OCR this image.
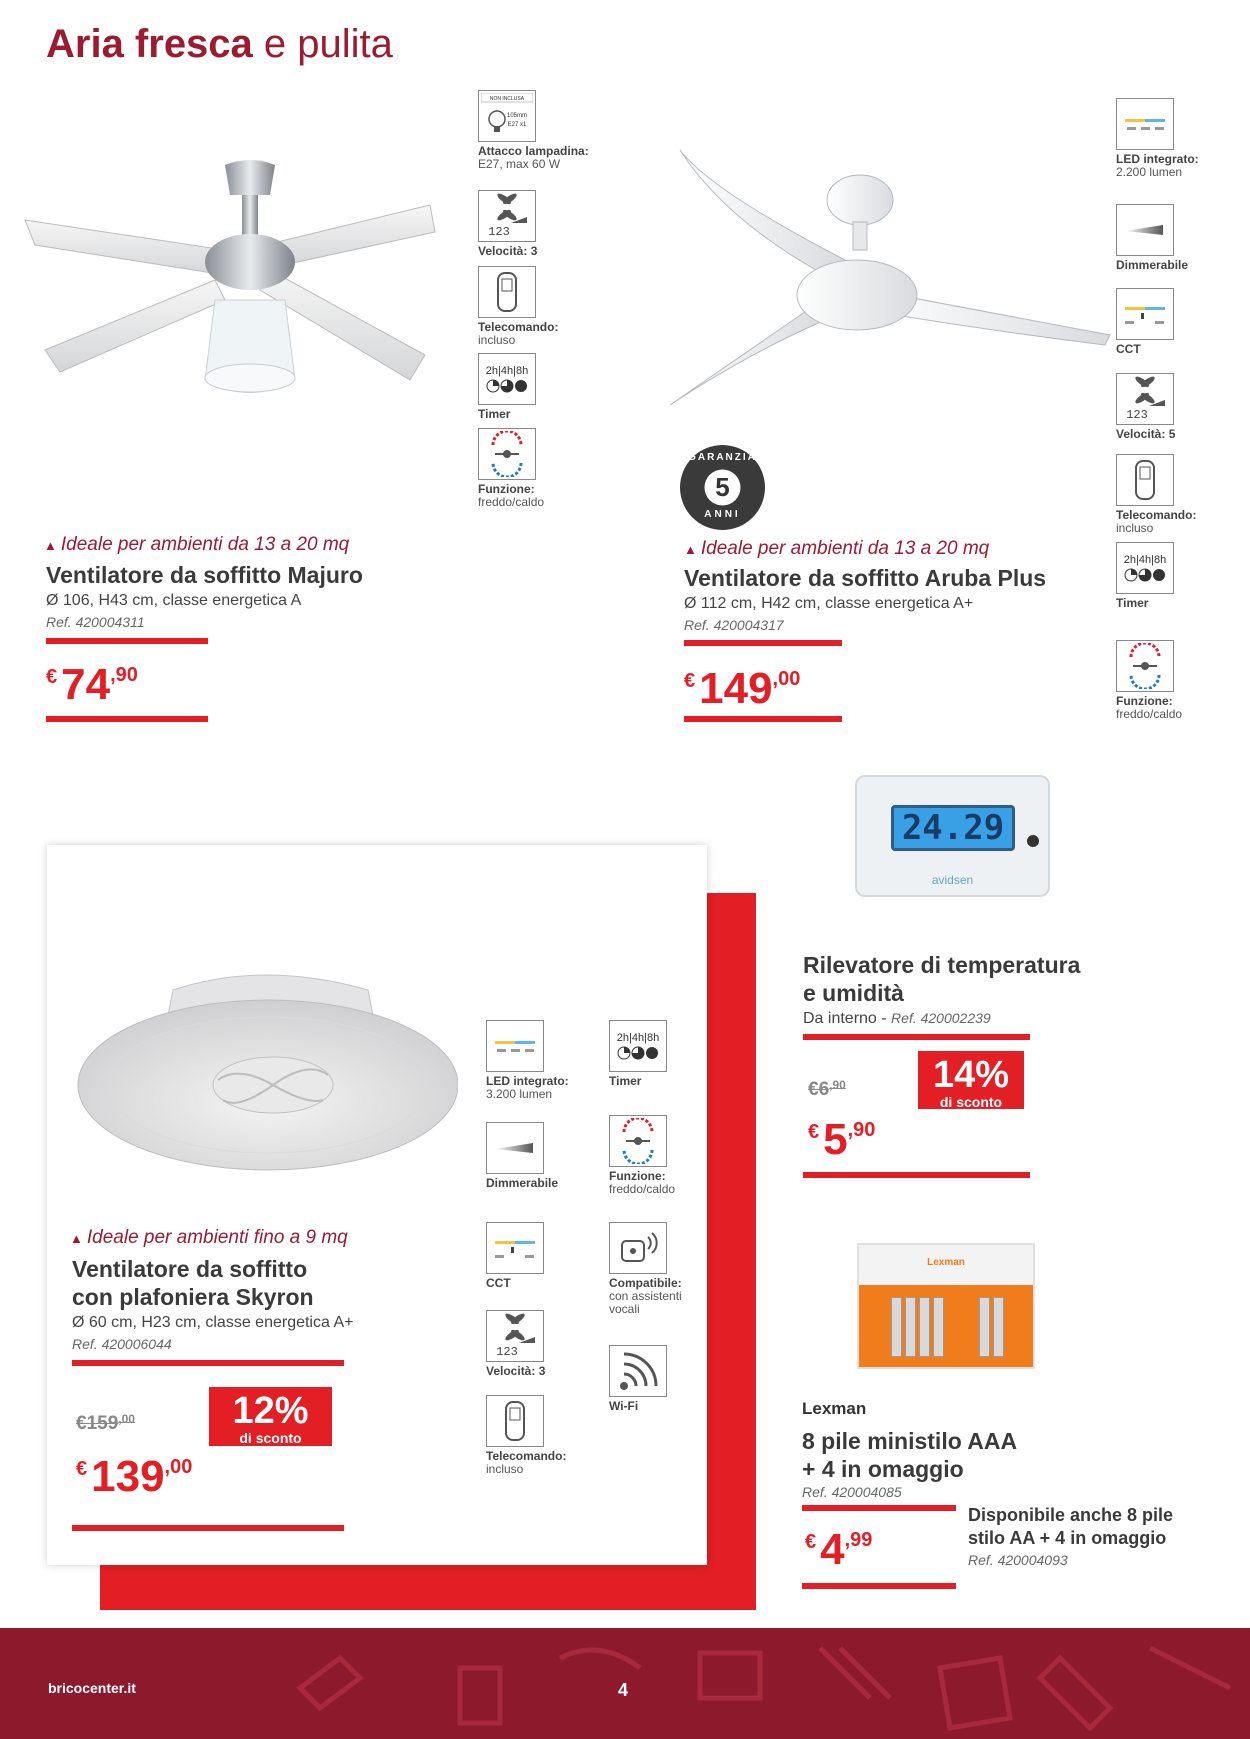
Aria fresca e pulita
NON INCLUSA
105mm
E27 x1
Attacco lampadina:
E27, max 60 W
123
Velocità: 3
Telecomando:
incluso
2h|4h|8h
Timer
Funzione:
freddo/caldo
▲ Ideale per ambienti da 13 a 20 mq
Ventilatore da soffitto Majuro
Ø 106, H43 cm, classe energetica A
Ref. 420004311
€74,90
GARANZIA
5
ANNI
LED integrato:
2.200 lumen
Dimmerabile
CCT
123
Velocità: 5
Telecomando:
incluso
2h|4h|8h
Timer
Funzione:
freddo/caldo
▲ Ideale per ambienti da 13 a 20 mq
Ventilatore da soffitto Aruba Plus
Ø 112 cm, H42 cm, classe energetica A+
Ref. 420004317
€149,00
LED integrato:
3.200 lumen
Dimmerabile
CCT
123
Velocità: 3
Telecomando:
incluso
2h|4h|8h
Timer
Funzione:
freddo/caldo
Compatibile:
con assistenti vocali
Wi-Fi
▲ Ideale per ambienti fino a 9 mq
Ventilatore da soffitto
con plafoniera Skyron
Ø 60 cm, H23 cm, classe energetica A+
Ref. 420006044
$€159^{,00}$	12%
di sconto
€139,00
24.29
avidsen
Rilevatore di temperatura
e umidità
Da interno - Ref. 420002239
$€6^{,90}$	14%
di sconto
€5,90
Lexman
Lexman
8 pile ministilo AAA
+ 4 in omaggio
Ref. 420004085
€4,99
Disponibile anche 8 pile
stilo AA + 4 in omaggio
Ref. 420004093
bricocenter.it	4
